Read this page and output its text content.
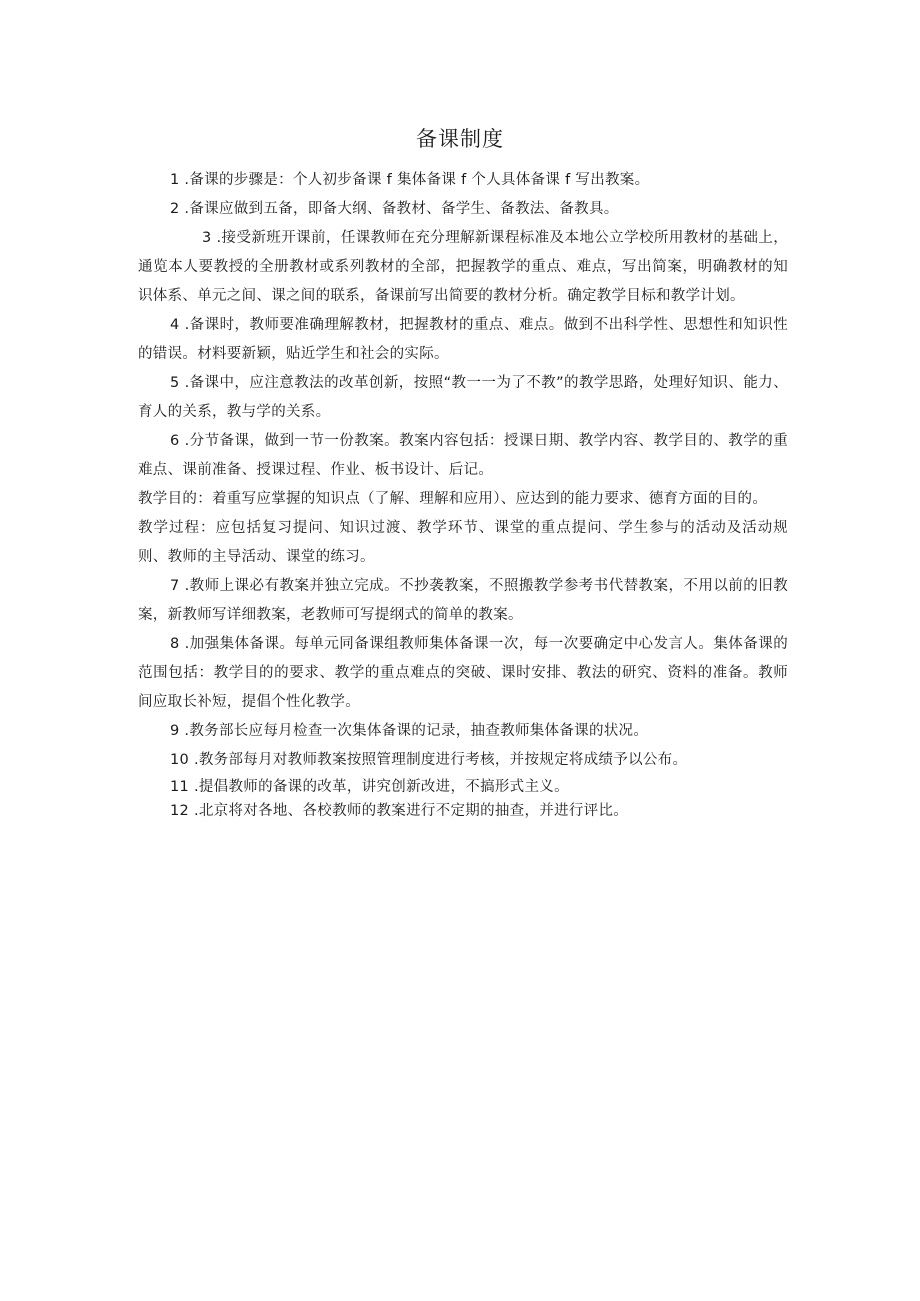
备课制度

1 .备课的步骤是：个人初步备课 f 集体备课 f 个人具体备课 f 写出教案。

2 .备课应做到五备，即备大纲、备教材、备学生、备教法、备教具。

3 .接受新班开课前，任课教师在充分理解新课程标准及本地公立学校所用教材的基础上，通览本人要教授的全册教材或系列教材的全部，把握教学的重点、难点，写出简案，明确教材的知识体系、单元之间、课之间的联系，备课前写出简要的教材分析。确定教学目标和教学计划。

4 .备课时，教师要准确理解教材，把握教材的重点、难点。做到不出科学性、思想性和知识性的错误。材料要新颖，贴近学生和社会的实际。

5 .备课中，应注意教法的改革创新，按照“教一一为了不教”的教学思路，处理好知识、能力、育人的关系，教与学的关系。

6 .分节备课，做到一节一份教案。教案内容包括：授课日期、教学内容、教学目的、教学的重难点、课前准备、授课过程、作业、板书设计、后记。

教学目的：着重写应掌握的知识点（了解、理解和应用）、应达到的能力要求、德育方面的目的。

教学过程：应包括复习提问、知识过渡、教学环节、课堂的重点提问、学生参与的活动及活动规则、教师的主导活动、课堂的练习。

7 .教师上课必有教案并独立完成。不抄袭教案，不照搬教学参考书代替教案，不用以前的旧教案，新教师写详细教案，老教师可写提纲式的简单的教案。

8 .加强集体备课。每单元同备课组教师集体备课一次，每一次要确定中心发言人。集体备课的范围包括：教学目的的要求、教学的重点难点的突破、课时安排、教法的研究、资料的准备。教师间应取长补短，提倡个性化教学。

9 .教务部长应每月检查一次集体备课的记录，抽查教师集体备课的状况。

10 .教务部每月对教师教案按照管理制度进行考核，并按规定将成绩予以公布。

11 .提倡教师的备课的改革，讲究创新改进，不搞形式主义。

12 .北京将对各地、各校教师的教案进行不定期的抽查，并进行评比。
